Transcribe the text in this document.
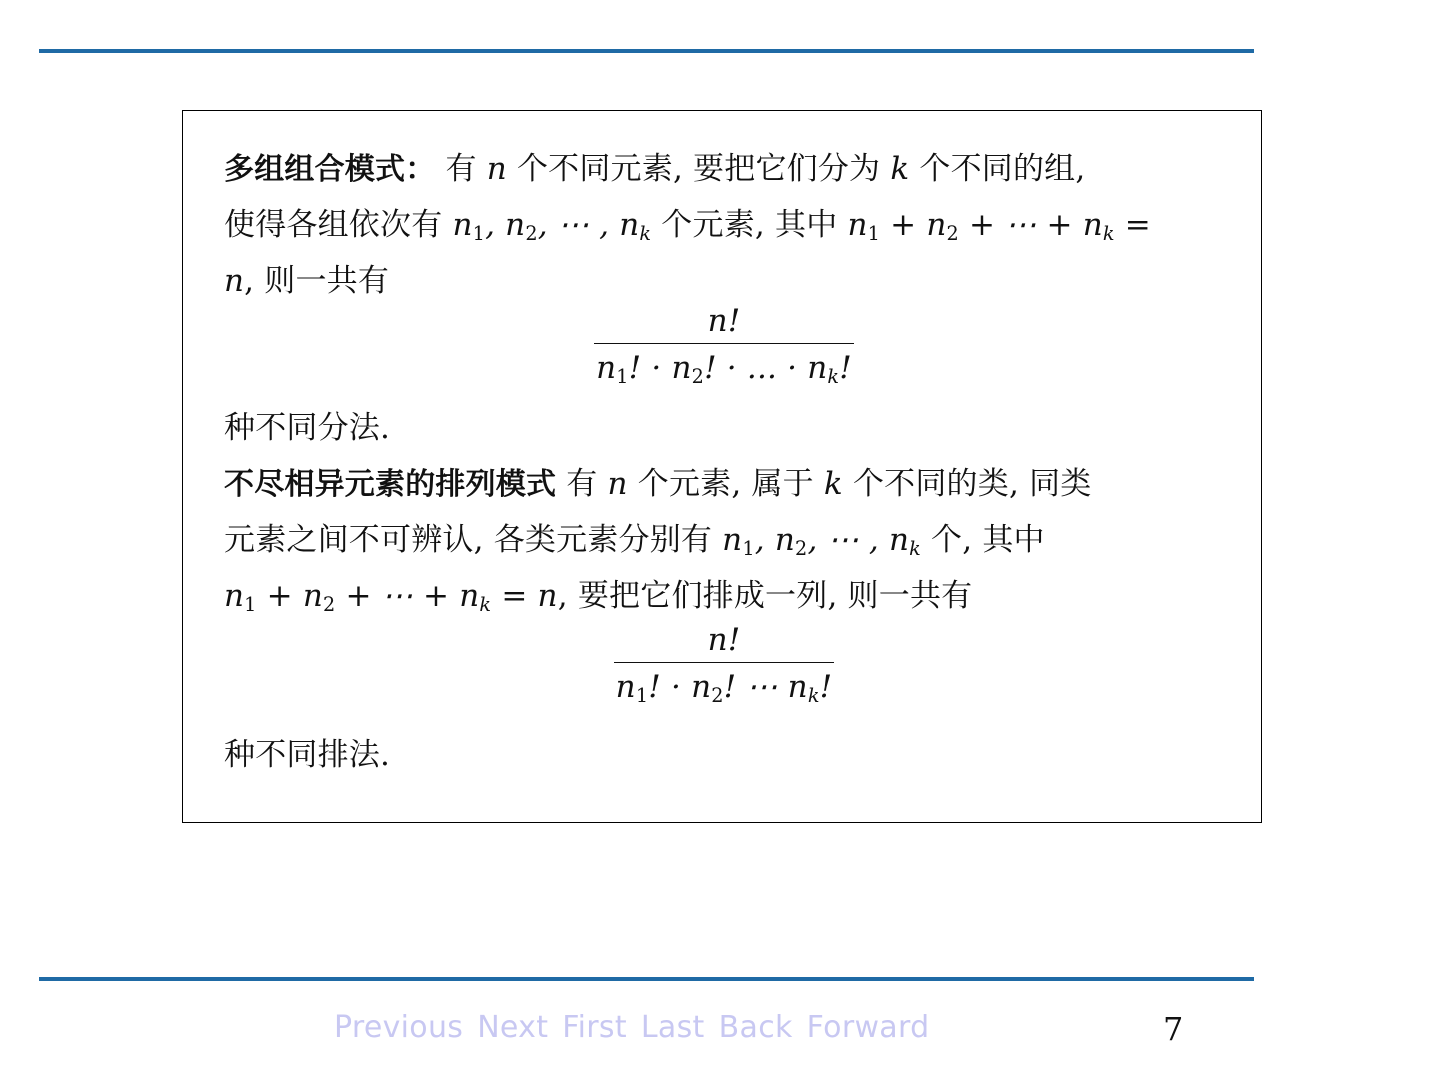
多组组合模式： 有 n 个不同元素, 要把它们分为 k 个不同的组,
使得各组依次有 $n_1$, $n_2$, ⋯ , $n_k$ 个元素, 其中 $n_1 + n_2$ + ⋯ + $n_k$ =
n, 则一共有
n!
$n_1$! · $n_2$! · ... · $n_k$!
种不同分法.
不尽相异元素的排列模式 有 n 个元素, 属于 k 个不同的类, 同类
元素之间不可辨认, 各类元素分别有 $n_1$, $n_2$, ⋯ , $n_k$ 个, 其中
$n_1 + n_2$ + ⋯ + $n_k = n$, 要把它们排成一列, 则一共有
n!
$n_1$! · $n_2$! ⋯ $n_k$!
种不同排法.
Previous Next First Last Back Forward	7
